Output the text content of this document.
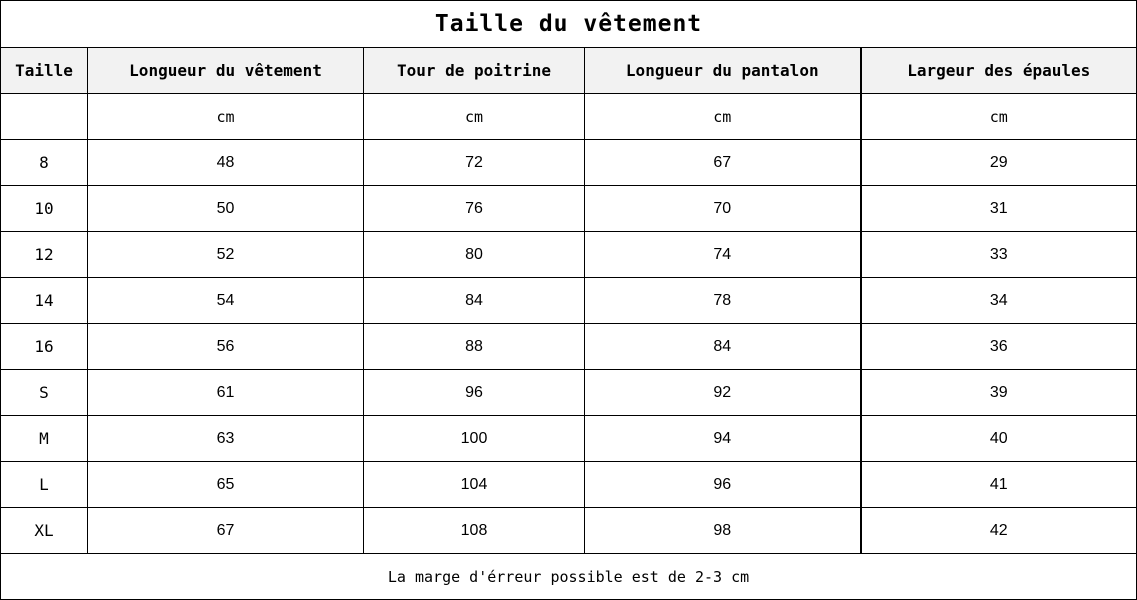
Taille du vêtement				
Taille	Longueur du vêtement	Tour de poitrine	Longueur du pantalon	Largeur des épaules
	cm	cm	cm	cm
8	48	72	67	29
10	50	76	70	31
12	52	80	74	33
14	54	84	78	34
16	56	88	84	36
S	61	96	92	39
M	63	100	94	40
L	65	104	96	41
XL	67	108	98	42
La marge d'érreur possible est de 2-3 cm				
